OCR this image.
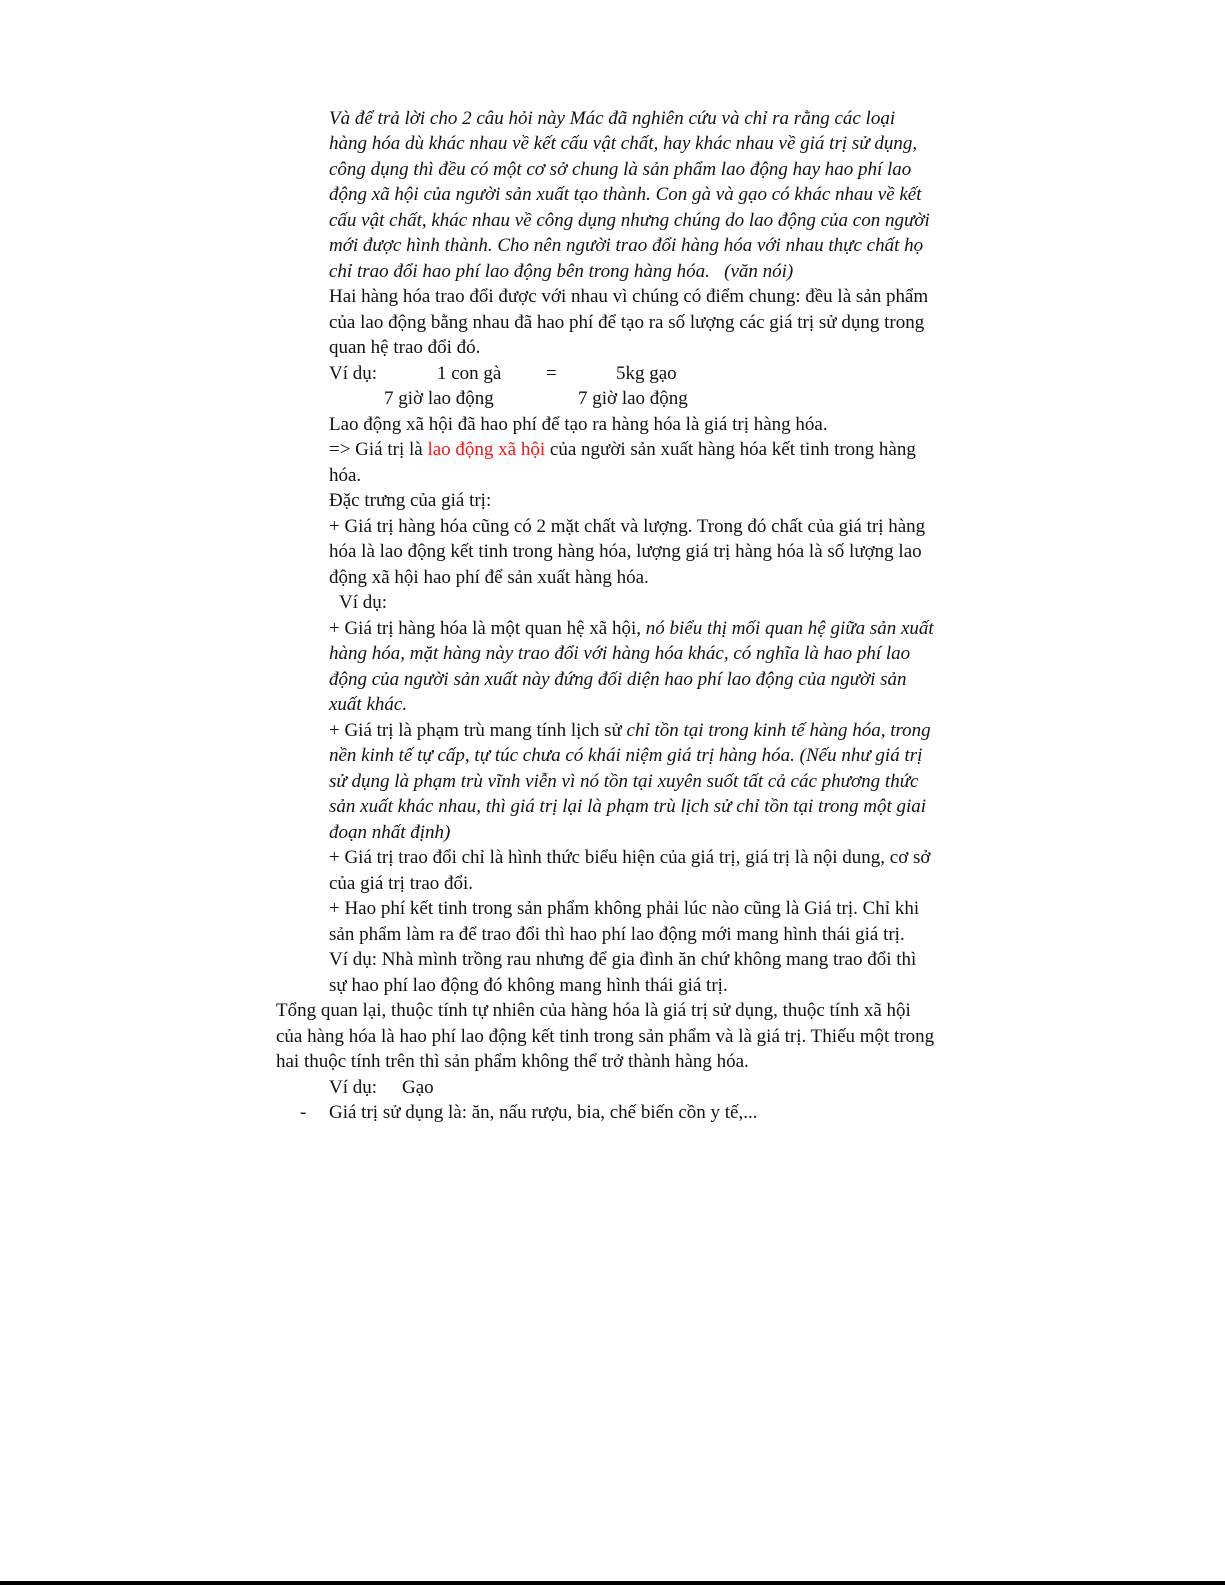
Và để trả lời cho 2 câu hỏi này Mác đã nghiên cứu và chỉ ra rằng các loại
hàng hóa dù khác nhau về kết cấu vật chất, hay khác nhau về giá trị sử dụng,
công dụng thì đều có một cơ sở chung là sản phẩm lao động hay hao phí lao
động xã hội của người sản xuất tạo thành. Con gà và gạo có khác nhau về kết
cấu vật chất, khác nhau về công dụng nhưng chúng do lao động của con người
mới được hình thành. Cho nên người trao đổi hàng hóa với nhau thực chất họ
chỉ trao đổi hao phí lao động bên trong hàng hóa.   (văn nói)
Hai hàng hóa trao đổi được với nhau vì chúng có điểm chung: đều là sản phẩm
của lao động bằng nhau đã hao phí để tạo ra số lượng các giá trị sử dụng trong
quan hệ trao đổi đó.
Ví dụ:	1 con gà =	5kg gạo
7 giờ lao động	7 giờ lao động
Lao động xã hội đã hao phí để tạo ra hàng hóa là giá trị hàng hóa.
=> Giá trị là lao động xã hội của người sản xuất hàng hóa kết tinh trong hàng
hóa.
Đặc trưng của giá trị:
+ Giá trị hàng hóa cũng có 2 mặt chất và lượng. Trong đó chất của giá trị hàng
hóa là lao động kết tinh trong hàng hóa, lượng giá trị hàng hóa là số lượng lao
động xã hội hao phí để sản xuất hàng hóa.
Ví dụ:
+ Giá trị hàng hóa là một quan hệ xã hội, nó biểu thị mối quan hệ giữa sản xuất
hàng hóa, mặt hàng này trao đổi với hàng hóa khác, có nghĩa là hao phí lao
động của người sản xuất này đứng đối diện hao phí lao động của người sản
xuất khác.
+ Giá trị là phạm trù mang tính lịch sử chỉ tồn tại trong kinh tế hàng hóa, trong
nền kinh tế tự cấp, tự túc chưa có khái niệm giá trị hàng hóa. (Nếu như giá trị
sử dụng là phạm trù vĩnh viễn vì nó tồn tại xuyên suốt tất cả các phương thức
sản xuất khác nhau, thì giá trị lại là phạm trù lịch sử chỉ tồn tại trong một giai
đoạn nhất định)
+ Giá trị trao đổi chỉ là hình thức biểu hiện của giá trị, giá trị là nội dung, cơ sở
của giá trị trao đổi.
+ Hao phí kết tinh trong sản phẩm không phải lúc nào cũng là Giá trị. Chỉ khi
sản phẩm làm ra để trao đổi thì hao phí lao động mới mang hình thái giá trị.
Ví dụ: Nhà mình trồng rau nhưng để gia đình ăn chứ không mang trao đổi thì
sự hao phí lao động đó không mang hình thái giá trị.
Tổng quan lại, thuộc tính tự nhiên của hàng hóa là giá trị sử dụng, thuộc tính xã hội
của hàng hóa là hao phí lao động kết tinh trong sản phẩm và là giá trị. Thiếu một trong
hai thuộc tính trên thì sản phẩm không thể trở thành hàng hóa.
Ví dụ: Gạo
- Giá trị sử dụng là: ăn, nấu rượu, bia, chế biến cồn y tế,...
